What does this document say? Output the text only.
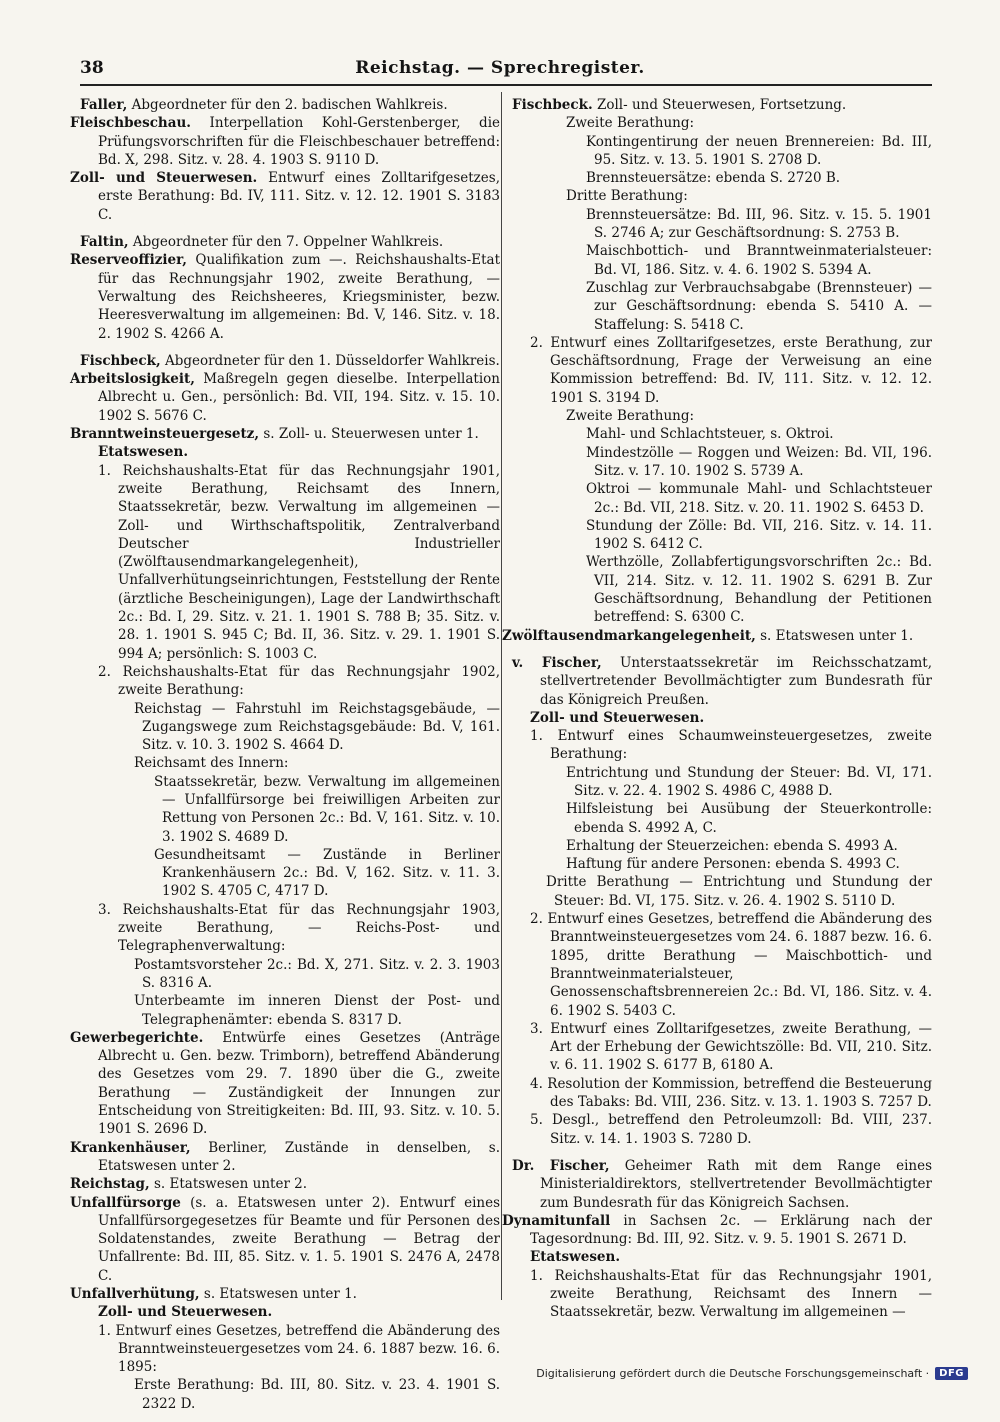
38	Reichstag. — Sprechregister.
Faller, Abgeordneter für den 2. badischen Wahlkreis.
Fleischbeschau. Interpellation Kohl-Gerstenberger, die Prüfungsvorschriften für die Fleischbeschauer betreffend: Bd. X, 298. Sitz. v. 28. 4. 1903 S. 9110 D.
Zoll- und Steuerwesen. Entwurf eines Zolltarifgesetzes, erste Berathung: Bd. IV, 111. Sitz. v. 12. 12. 1901 S. 3183 C.
Faltin, Abgeordneter für den 7. Oppelner Wahlkreis.
Reserveoffizier, Qualifikation zum —. Reichshaushalts-Etat für das Rechnungsjahr 1902, zweite Berathung, — Verwaltung des Reichsheeres, Kriegsminister, bezw. Heeresverwaltung im allgemeinen: Bd. V, 146. Sitz. v. 18. 2. 1902 S. 4266 A.
Fischbeck, Abgeordneter für den 1. Düsseldorfer Wahlkreis.
Arbeitslosigkeit, Maßregeln gegen dieselbe. Interpellation Albrecht u. Gen., persönlich: Bd. VII, 194. Sitz. v. 15. 10. 1902 S. 5676 C.
Branntweinsteuergesetz, s. Zoll- u. Steuerwesen unter 1.
Etatswesen.
1. Reichshaushalts-Etat für das Rechnungsjahr 1901, zweite Berathung, Reichsamt des Innern, Staatssekretär, bezw. Verwaltung im allgemeinen — Zoll- und Wirthschaftspolitik, Zentralverband Deutscher Industrieller (Zwölftausendmarkangelegenheit), Unfallverhütungseinrichtungen, Feststellung der Rente (ärztliche Bescheinigungen), Lage der Landwirthschaft 2c.: Bd. I, 29. Sitz. v. 21. 1. 1901 S. 788 B; 35. Sitz. v. 28. 1. 1901 S. 945 C; Bd. II, 36. Sitz. v. 29. 1. 1901 S. 994 A; persönlich: S. 1003 C.
2. Reichshaushalts-Etat für das Rechnungsjahr 1902, zweite Berathung:
Reichstag — Fahrstuhl im Reichstagsgebäude, — Zugangswege zum Reichstagsgebäude: Bd. V, 161. Sitz. v. 10. 3. 1902 S. 4664 D.
Reichsamt des Innern:
Staatssekretär, bezw. Verwaltung im allgemeinen — Unfallfürsorge bei freiwilligen Arbeiten zur Rettung von Personen 2c.: Bd. V, 161. Sitz. v. 10. 3. 1902 S. 4689 D.
Gesundheitsamt — Zustände in Berliner Krankenhäusern 2c.: Bd. V, 162. Sitz. v. 11. 3. 1902 S. 4705 C, 4717 D.
3. Reichshaushalts-Etat für das Rechnungsjahr 1903, zweite Berathung, — Reichs-Post- und Telegraphenverwaltung:
Postamtsvorsteher 2c.: Bd. X, 271. Sitz. v. 2. 3. 1903 S. 8316 A.
Unterbeamte im inneren Dienst der Post- und Telegraphenämter: ebenda S. 8317 D.
Gewerbegerichte. Entwürfe eines Gesetzes (Anträge Albrecht u. Gen. bezw. Trimborn), betreffend Abänderung des Gesetzes vom 29. 7. 1890 über die G., zweite Berathung — Zuständigkeit der Innungen zur Entscheidung von Streitigkeiten: Bd. III, 93. Sitz. v. 10. 5. 1901 S. 2696 D.
Krankenhäuser, Berliner, Zustände in denselben, s. Etatswesen unter 2.
Reichstag, s. Etatswesen unter 2.
Unfallfürsorge (s. a. Etatswesen unter 2). Entwurf eines Unfallfürsorgegesetzes für Beamte und für Personen des Soldatenstandes, zweite Berathung — Betrag der Unfallrente: Bd. III, 85. Sitz. v. 1. 5. 1901 S. 2476 A, 2478 C.
Unfallverhütung, s. Etatswesen unter 1.
Zoll- und Steuerwesen.
1. Entwurf eines Gesetzes, betreffend die Abänderung des Branntweinsteuergesetzes vom 24. 6. 1887 bezw. 16. 6. 1895:
Erste Berathung: Bd. III, 80. Sitz. v. 23. 4. 1901 S. 2322 D.
Fischbeck. Zoll- und Steuerwesen, Fortsetzung.
Zweite Berathung:
Kontingentirung der neuen Brennereien: Bd. III, 95. Sitz. v. 13. 5. 1901 S. 2708 D.
Brennsteuersätze: ebenda S. 2720 B.
Dritte Berathung:
Brennsteuersätze: Bd. III, 96. Sitz. v. 15. 5. 1901 S. 2746 A; zur Geschäftsordnung: S. 2753 B.
Maischbottich- und Branntweinmaterialsteuer: Bd. VI, 186. Sitz. v. 4. 6. 1902 S. 5394 A.
Zuschlag zur Verbrauchsabgabe (Brennsteuer) — zur Geschäftsordnung: ebenda S. 5410 A. — Staffelung: S. 5418 C.
2. Entwurf eines Zolltarifgesetzes, erste Berathung, zur Geschäftsordnung, Frage der Verweisung an eine Kommission betreffend: Bd. IV, 111. Sitz. v. 12. 12. 1901 S. 3194 D.
Zweite Berathung:
Mahl- und Schlachtsteuer, s. Oktroi.
Mindestzölle — Roggen und Weizen: Bd. VII, 196. Sitz. v. 17. 10. 1902 S. 5739 A.
Oktroi — kommunale Mahl- und Schlachtsteuer 2c.: Bd. VII, 218. Sitz. v. 20. 11. 1902 S. 6453 D.
Stundung der Zölle: Bd. VII, 216. Sitz. v. 14. 11. 1902 S. 6412 C.
Werthzölle, Zollabfertigungsvorschriften 2c.: Bd. VII, 214. Sitz. v. 12. 11. 1902 S. 6291 B. Zur Geschäftsordnung, Behandlung der Petitionen betreffend: S. 6300 C.
Zwölftausendmarkangelegenheit, s. Etatswesen unter 1.
v. Fischer, Unterstaatssekretär im Reichsschatzamt, stellvertretender Bevollmächtigter zum Bundesrath für das Königreich Preußen.
Zoll- und Steuerwesen.
1. Entwurf eines Schaumweinsteuergesetzes, zweite Berathung:
Entrichtung und Stundung der Steuer: Bd. VI, 171. Sitz. v. 22. 4. 1902 S. 4986 C, 4988 D.
Hilfsleistung bei Ausübung der Steuerkontrolle: ebenda S. 4992 A, C.
Erhaltung der Steuerzeichen: ebenda S. 4993 A.
Haftung für andere Personen: ebenda S. 4993 C.
Dritte Berathung — Entrichtung und Stundung der Steuer: Bd. VI, 175. Sitz. v. 26. 4. 1902 S. 5110 D.
2. Entwurf eines Gesetzes, betreffend die Abänderung des Branntweinsteuergesetzes vom 24. 6. 1887 bezw. 16. 6. 1895, dritte Berathung — Maischbottich- und Branntweinmaterialsteuer, Genossenschaftsbrennereien 2c.: Bd. VI, 186. Sitz. v. 4. 6. 1902 S. 5403 C.
3. Entwurf eines Zolltarifgesetzes, zweite Berathung, — Art der Erhebung der Gewichtszölle: Bd. VII, 210. Sitz. v. 6. 11. 1902 S. 6177 B, 6180 A.
4. Resolution der Kommission, betreffend die Besteuerung des Tabaks: Bd. VIII, 236. Sitz. v. 13. 1. 1903 S. 7257 D.
5. Desgl., betreffend den Petroleumzoll: Bd. VIII, 237. Sitz. v. 14. 1. 1903 S. 7280 D.
Dr. Fischer, Geheimer Rath mit dem Range eines Ministerialdirektors, stellvertretender Bevollmächtigter zum Bundesrath für das Königreich Sachsen.
Dynamitunfall in Sachsen 2c. — Erklärung nach der Tagesordnung: Bd. III, 92. Sitz. v. 9. 5. 1901 S. 2671 D.
Etatswesen.
1. Reichshaushalts-Etat für das Rechnungsjahr 1901, zweite Berathung, Reichsamt des Innern — Staatssekretär, bezw. Verwaltung im allgemeinen —
Digitalisierung gefördert durch die Deutsche Forschungsgemeinschaft ·	DFG
